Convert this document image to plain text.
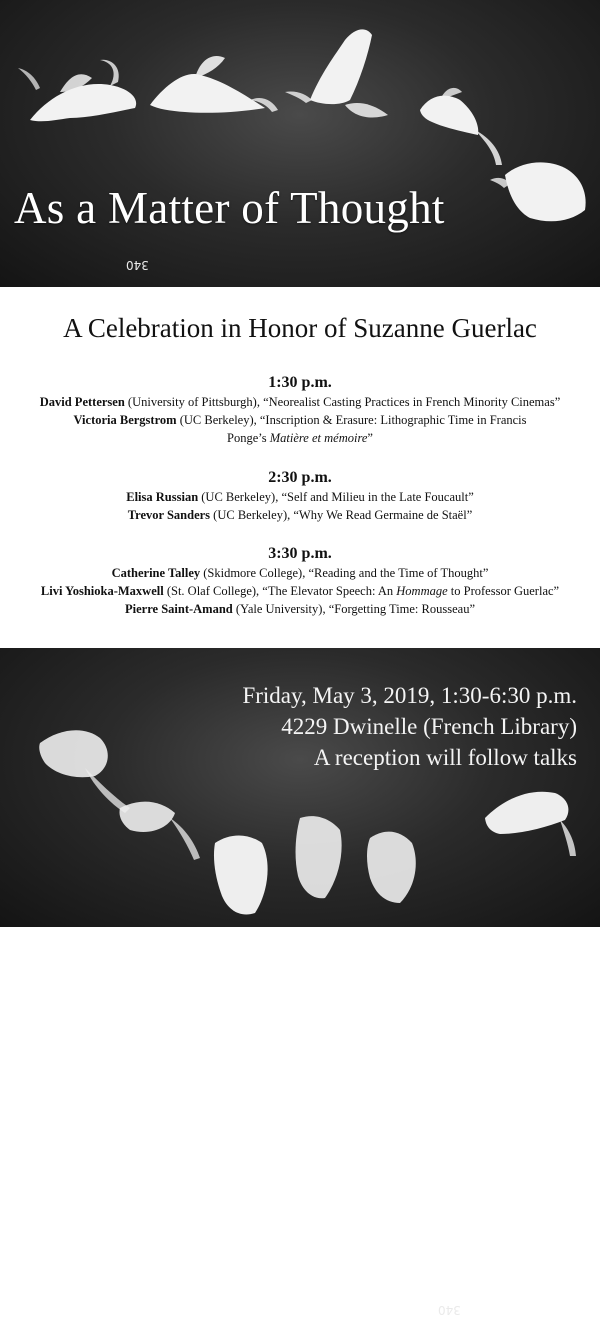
As a Matter of Thought
340
A Celebration in Honor of Suzanne Guerlac
1:30 p.m.
David Pettersen (University of Pittsburgh), “Neorealist Casting Practices in French Minority Cinemas”
Victoria Bergstrom (UC Berkeley), “Inscription & Erasure: Lithographic Time in Francis
Ponge’s Matière et mémoire”
2:30 p.m.
Elisa Russian (UC Berkeley), “Self and Milieu in the Late Foucault”
Trevor Sanders (UC Berkeley), “Why We Read Germaine de Staël”
3:30 p.m.
Catherine Talley (Skidmore College), “Reading and the Time of Thought”
Livi Yoshioka-Maxwell (St. Olaf College), “The Elevator Speech: An Hommage to Professor Guerlac”
Pierre Saint-Amand (Yale University), “Forgetting Time: Rousseau”
340
Friday, May 3, 2019, 1:30-6:30 p.m.
4229 Dwinelle (French Library)
A reception will follow talks
